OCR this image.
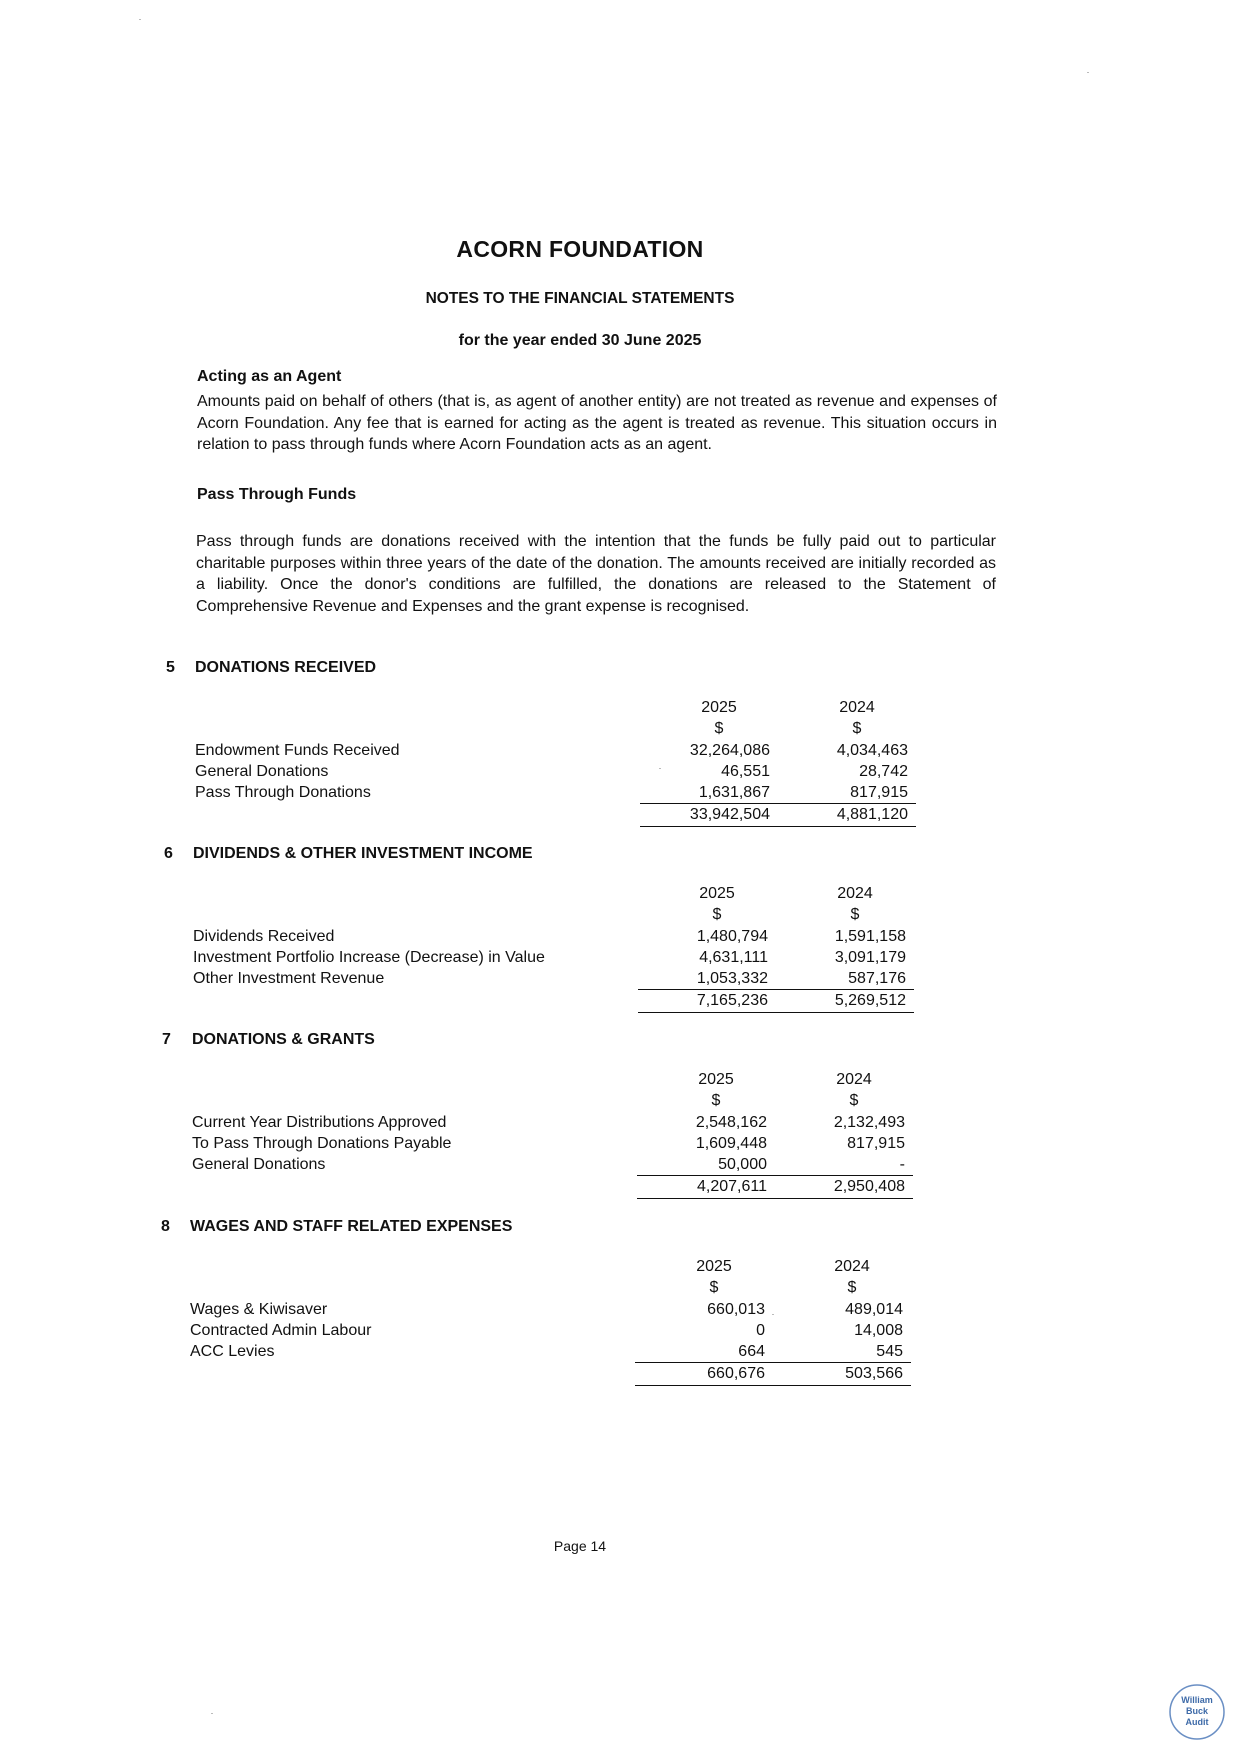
ACORN FOUNDATION
NOTES TO THE FINANCIAL STATEMENTS
for the year ended 30 June 2025
Acting as an Agent

Amounts paid on behalf of others (that is, as agent of another entity) are not treated as revenue and expenses of Acorn Foundation. Any fee that is earned for acting as the agent is treated as revenue. This situation occurs in relation to pass through funds where Acorn Foundation acts as an agent.

Pass Through Funds

Pass through funds are donations received with the intention that the funds be fully paid out to particular charitable purposes within three years of the date of the donation. The amounts received are initially recorded as a liability. Once the donor's conditions are fulfilled, the donations are released to the Statement of Comprehensive Revenue and Expenses and the grant expense is recognised.

5 DONATIONS RECEIVED
	2025	2024
	$	$
Endowment Funds Received	32,264,086	4,034,463
General Donations	46,551	28,742
Pass Through Donations	1,631,867	817,915
	33,942,504	4,881,120
6 DIVIDENDS & OTHER INVESTMENT INCOME
	2025	2024
	$	$
Dividends Received	1,480,794	1,591,158
Investment Portfolio Increase (Decrease) in Value	4,631,111	3,091,179
Other Investment Revenue	1,053,332	587,176
	7,165,236	5,269,512
7 DONATIONS & GRANTS
	2025	2024
	$	$
Current Year Distributions Approved	2,548,162	2,132,493
To Pass Through Donations Payable	1,609,448	817,915
General Donations	50,000	-
	4,207,611	2,950,408
8 WAGES AND STAFF RELATED EXPENSES
	2025	2024
	$	$
Wages & Kiwisaver	660,013	489,014
Contracted Admin Labour	0	14,008
ACC Levies	664	545
	660,676	503,566
Page 14
William
Buck
Audit
